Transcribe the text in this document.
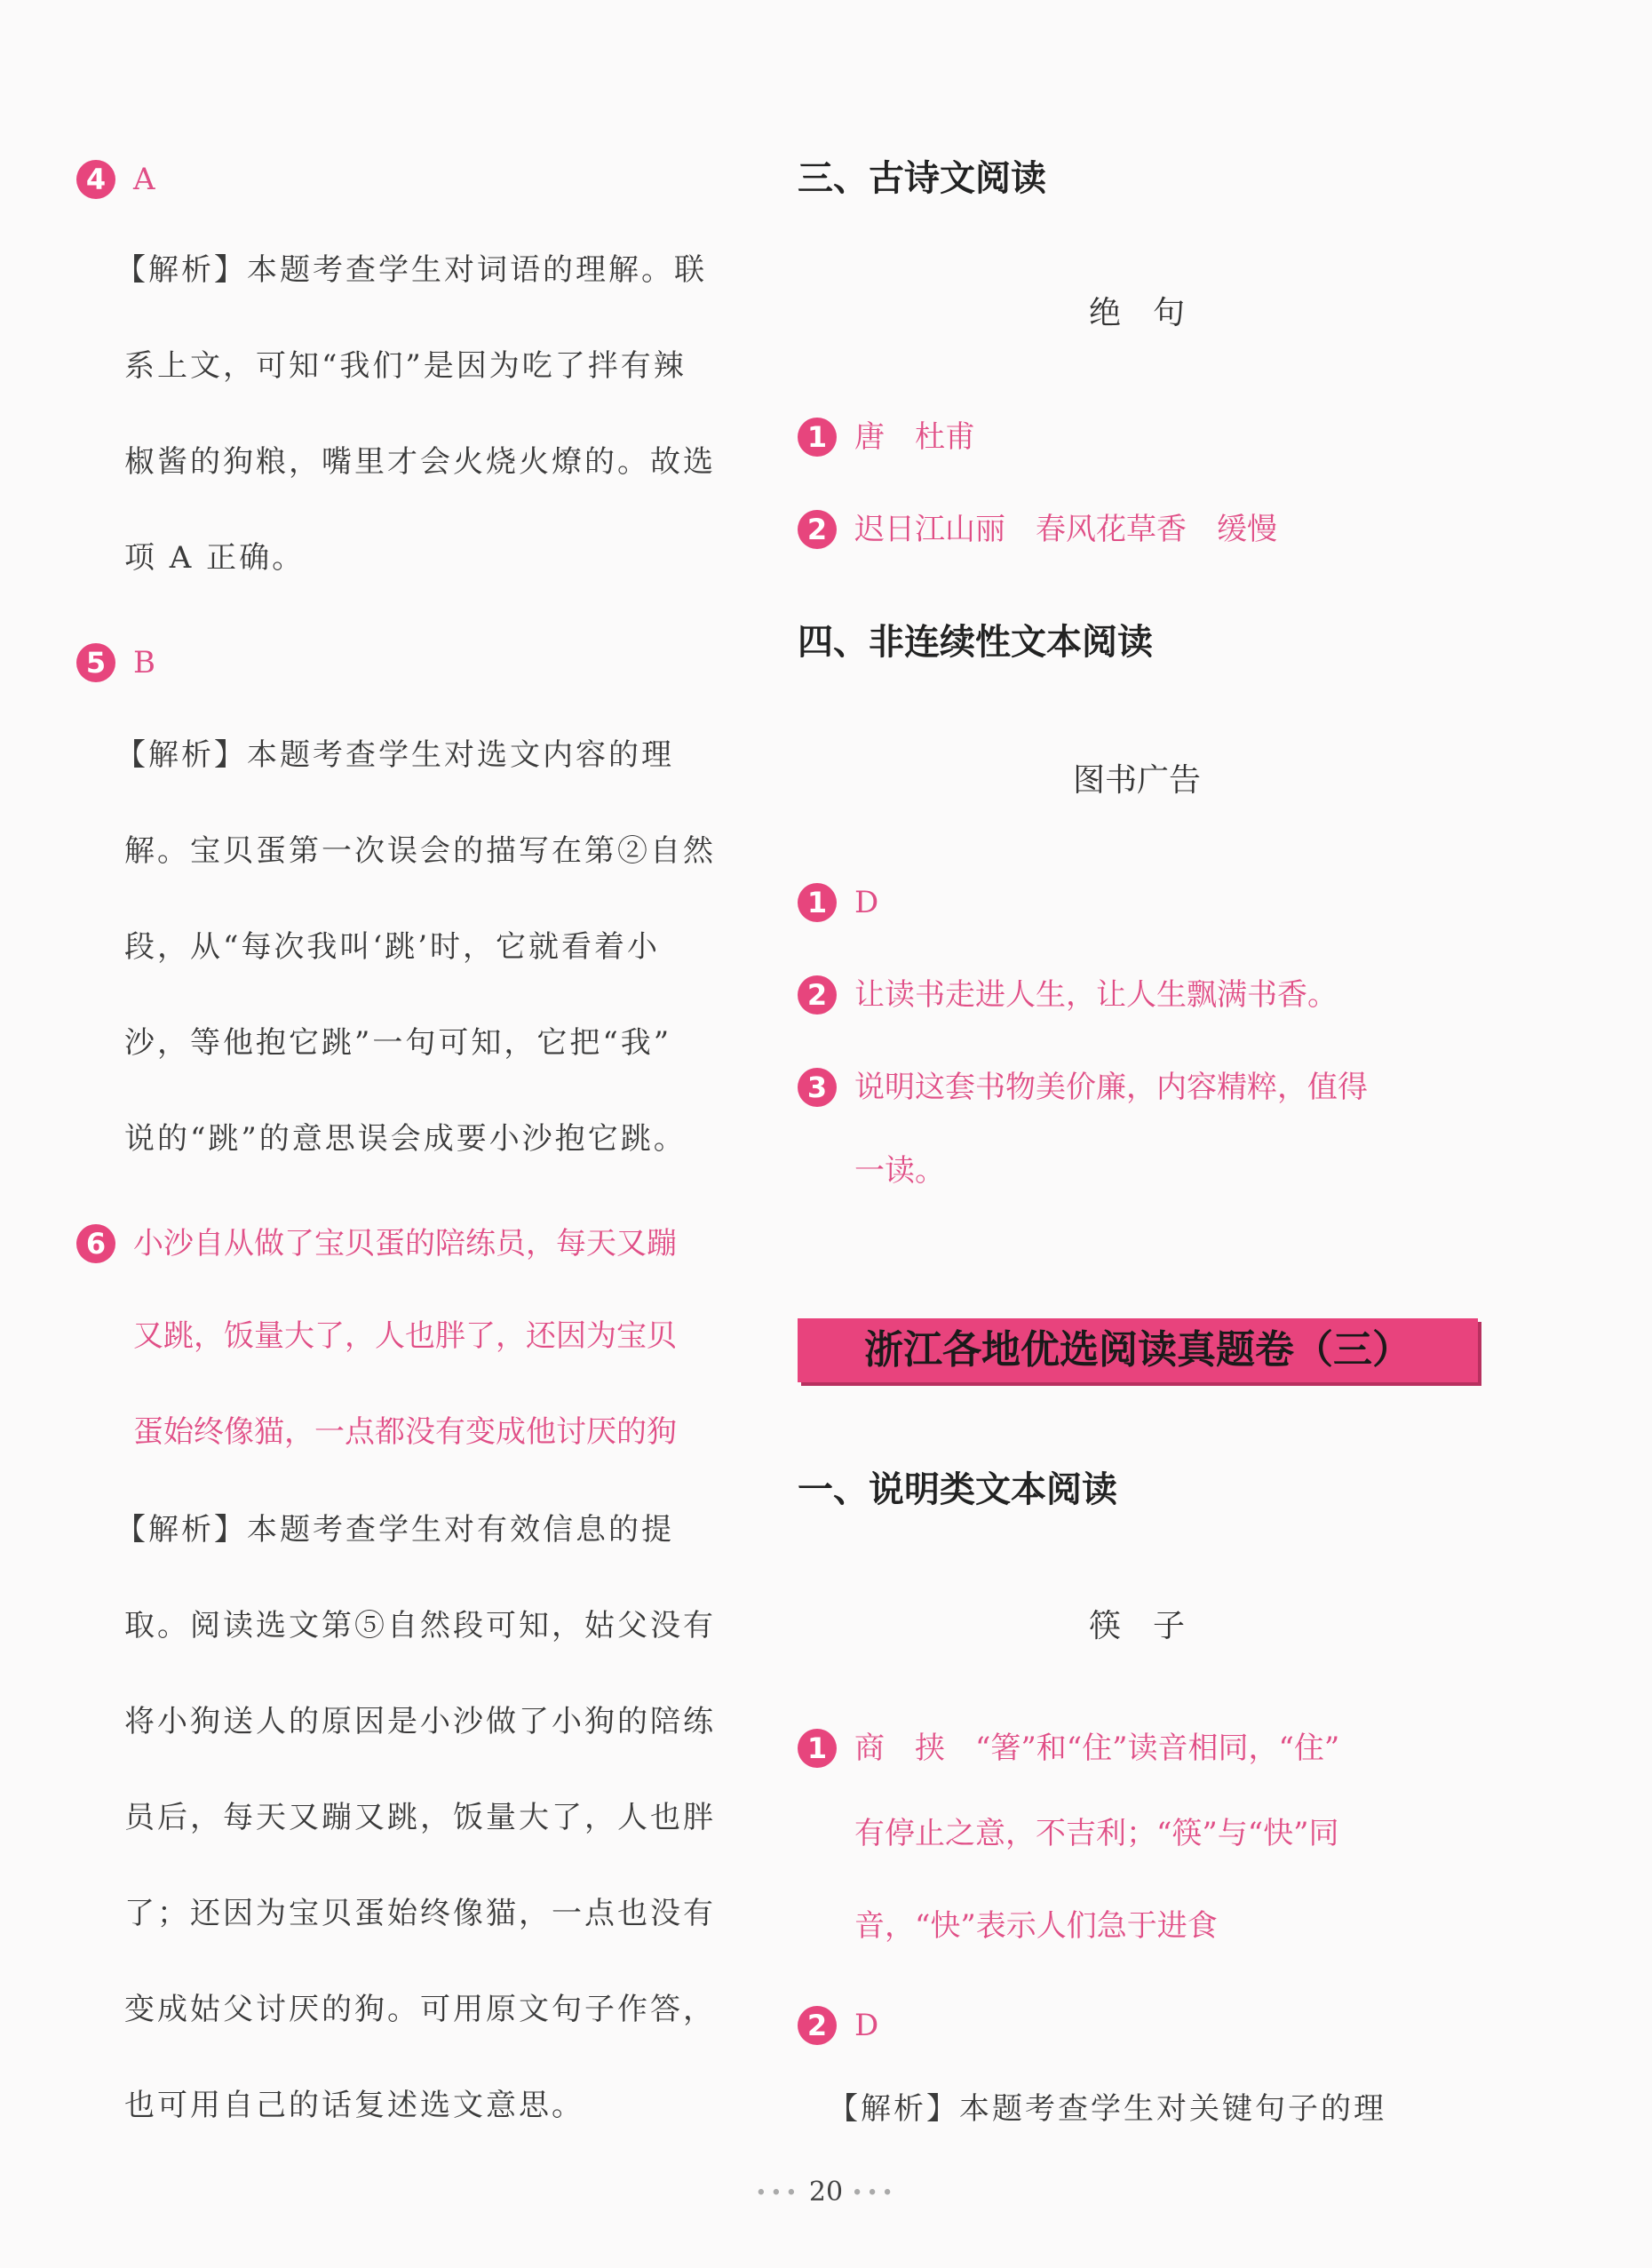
4 A
【解析】本题考查学生对词语的理解。联
系上文，可知“我们”是因为吃了拌有辣
椒酱的狗粮，嘴里才会火烧火燎的。故选
项 A 正确。
5 B
【解析】本题考查学生对选文内容的理
解。宝贝蛋第一次误会的描写在第②自然
段，从“每次我叫‘跳’时，它就看着小
沙，等他抱它跳”一句可知，它把“我”
说的“跳”的意思误会成要小沙抱它跳。
6 小沙自从做了宝贝蛋的陪练员，每天又蹦
又跳，饭量大了，人也胖了，还因为宝贝
蛋始终像猫，一点都没有变成他讨厌的狗
【解析】本题考查学生对有效信息的提
取。阅读选文第⑤自然段可知，姑父没有
将小狗送人的原因是小沙做了小狗的陪练
员后，每天又蹦又跳，饭量大了，人也胖
了；还因为宝贝蛋始终像猫，一点也没有
变成姑父讨厌的狗。可用原文句子作答，
也可用自己的话复述选文意思。
三、古诗文阅读
绝　句
1 唐　杜甫
2 迟日江山丽　春风花草香　缓慢
四、非连续性文本阅读
图书广告
1 D
2 让读书走进人生，让人生飘满书香。
3 说明这套书物美价廉，内容精粹，值得
一读。
浙江各地优选阅读真题卷（三）
一、说明类文本阅读
筷　子
1 商　挟　“箸”和“住”读音相同，“住”
有停止之意，不吉利；“筷”与“快”同
音，“快”表示人们急于进食
2 D
【解析】本题考查学生对关键句子的理
••• 20 •••
